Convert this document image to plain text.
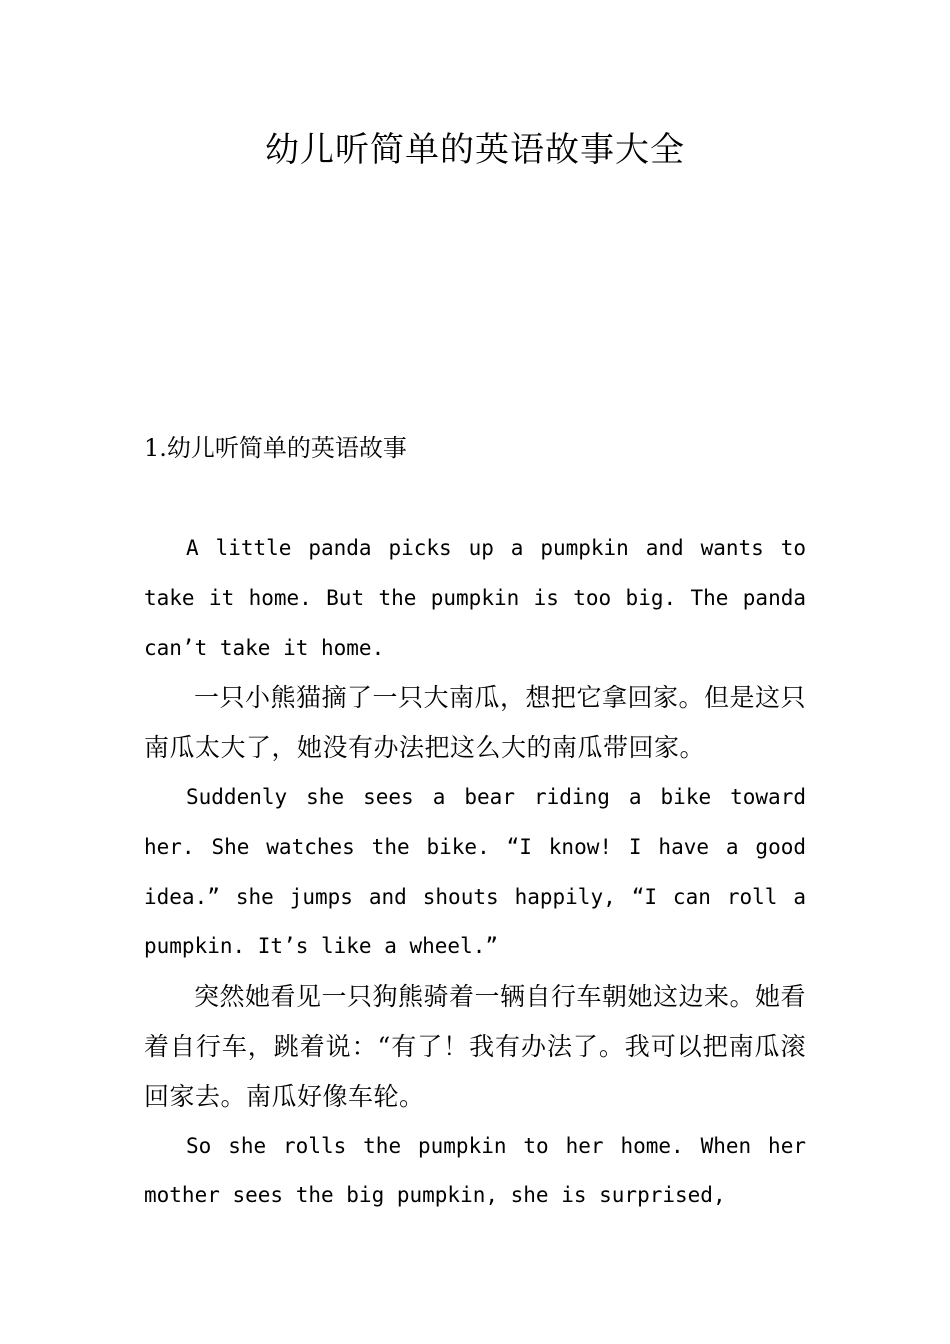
幼儿听简单的英语故事大全
1.幼儿听简单的英语故事

A little panda picks up a pumpkin and wants to take it home. But the pumpkin is too big. The panda can’t take it home.

一只小熊猫摘了一只大南瓜，想把它拿回家。但是这只南瓜太大了，她没有办法把这么大的南瓜带回家。

Suddenly she sees a bear riding a bike toward her. She watches the bike. “I know! I have a good idea.” she jumps and shouts happily, “I can roll a pumpkin. It’s like a wheel.”

突然她看见一只狗熊骑着一辆自行车朝她这边来。她看着自行车，跳着说：“有了！我有办法了。我可以把南瓜滚回家去。南瓜好像车轮。

So she rolls the pumpkin to her home. When her mother sees the big pumpkin, she is surprised,
